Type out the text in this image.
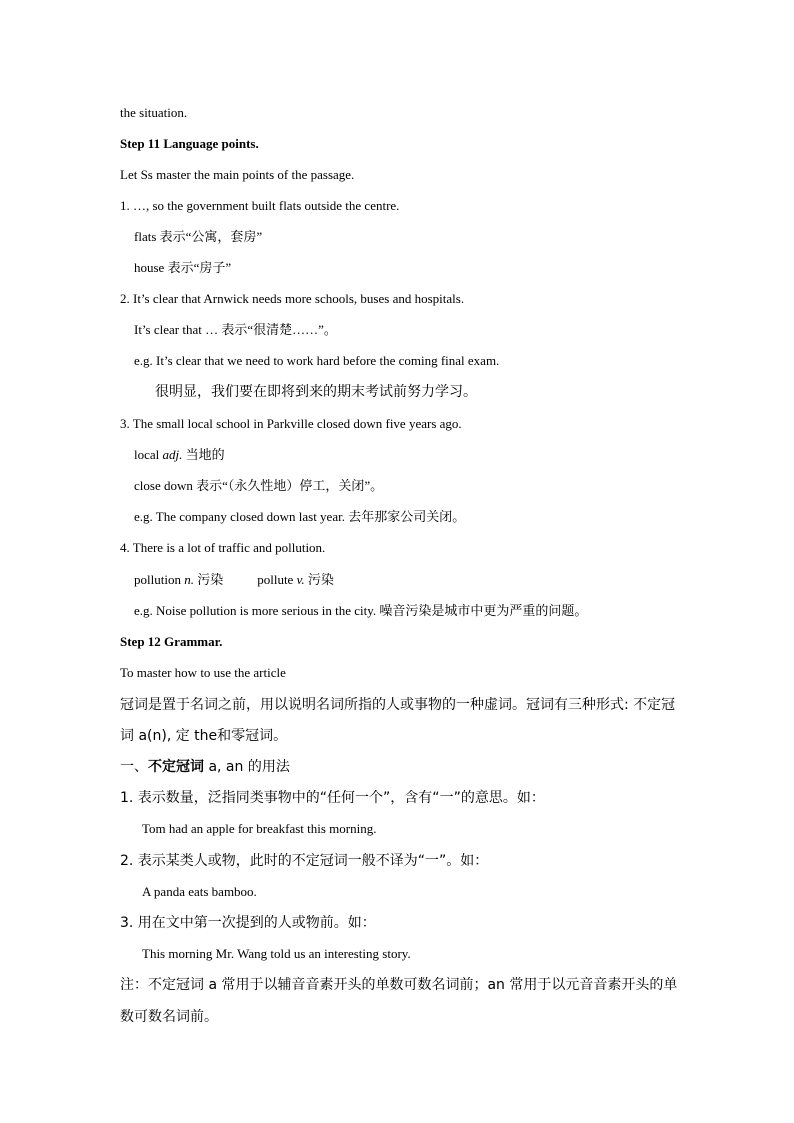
the situation.
Step 11 Language points.
Let Ss master the main points of the passage.
1. …, so the government built flats outside the centre.
flats 表示“公寓，套房”
house 表示“房子”
2. It’s clear that Arnwick needs more schools, buses and hospitals.
It’s clear that … 表示“很清楚……”。
e.g. It’s clear that we need to work hard before the coming final exam.
很明显，我们要在即将到来的期末考试前努力学习。
3. The small local school in Parkville closed down five years ago.
local adj. 当地的
close down 表示“（永久性地）停工，关闭”。
e.g. The company closed down last year. 去年那家公司关闭。
4. There is a lot of traffic and pollution.
pollution n. 污染	pollute v. 污染
e.g. Noise pollution is more serious in the city. 噪音污染是城市中更为严重的问题。
Step 12 Grammar.
To master how to use the article
冠词是置于名词之前，用以说明名词所指的人或事物的一种虚词。冠词有三种形式: 不定冠
词 a(n), 定 the和零冠词。
一、不定冠词 a, an 的用法
1. 表示数量，泛指同类事物中的“任何一个”，含有“一”的意思。如：
Tom had an apple for breakfast this morning.
2. 表示某类人或物，此时的不定冠词一般不译为“一”。如：
A panda eats bamboo.
3. 用在文中第一次提到的人或物前。如：
This morning Mr. Wang told us an interesting story.
注：不定冠词 a 常用于以辅音音素开头的单数可数名词前；an 常用于以元音音素开头的单
数可数名词前。
